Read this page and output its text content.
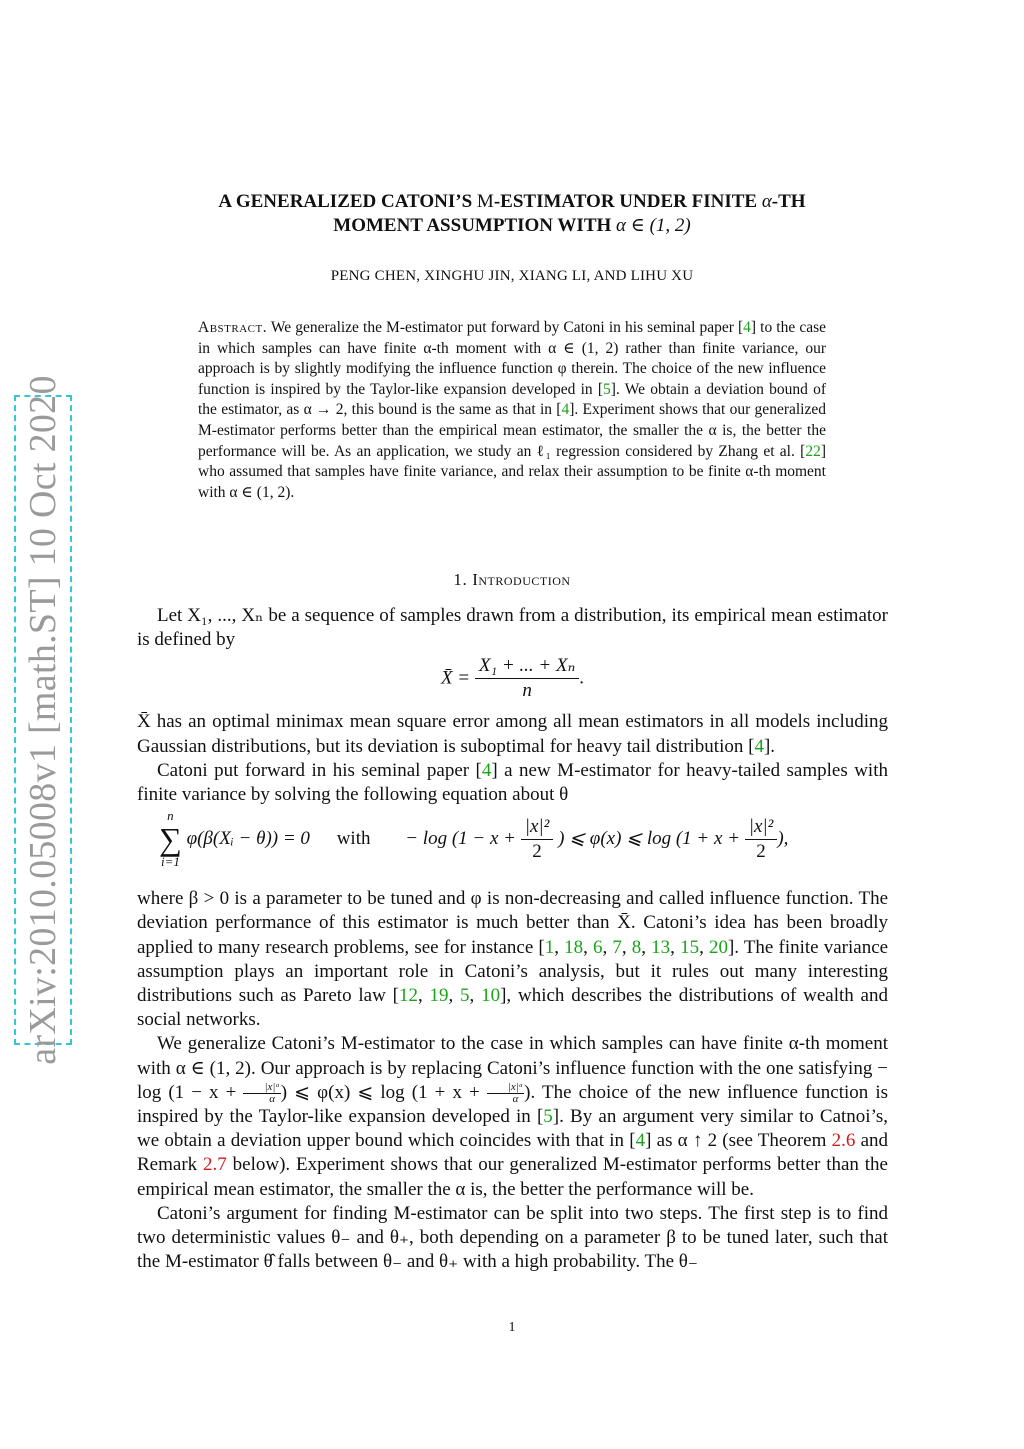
arXiv:2010.05008v1 [math.ST] 10 Oct 2020
A GENERALIZED CATONI’S M-ESTIMATOR UNDER FINITE α-TH
MOMENT ASSUMPTION WITH α ∈ (1, 2)
PENG CHEN, XINGHU JIN, XIANG LI, AND LIHU XU

Abstract. We generalize the M-estimator put forward by Catoni in his seminal paper [4] to the case in which samples can have finite α-th moment with α ∈ (1, 2) rather than finite variance, our approach is by slightly modifying the influence function φ therein. The choice of the new influence function is inspired by the Taylor-like expansion developed in [5]. We obtain a deviation bound of the estimator, as α → 2, this bound is the same as that in [4]. Experiment shows that our generalized M-estimator performs better than the empirical mean estimator, the smaller the α is, the better the performance will be. As an application, we study an ℓ₁ regression considered by Zhang et al. [22] who assumed that samples have finite variance, and relax their assumption to be finite α-th moment with α ∈ (1, 2).

1. Introduction

Let X₁, ..., Xₙ be a sequence of samples drawn from a distribution, its empirical mean estimator is defined by

X̄ = $\frac{\text{X₁ + ... + Xₙ}}{n}$ .

X̄ has an optimal minimax mean square error among all mean estimators in all models including Gaussian distributions, but its deviation is suboptimal for heavy tail distribution [4].

Catoni put forward in his seminal paper [4] a new M-estimator for heavy-tailed samples with finite variance by solving the following equation about θ

n
∑
i=1
φ(β(Xᵢ − θ)) = 0 with − $\log (1 - x + \frac{\text{|x|²}}{2}$ ) ⩽ φ(x) ⩽ $\log (1 + x + \frac{\text{|x|²}}{2}$ ),

where β > 0 is a parameter to be tuned and φ is non-decreasing and called influence function. The deviation performance of this estimator is much better than X̄. Catoni’s idea has been broadly applied to many research problems, see for instance [1, 18, 6, 7, 8, 13, 15, 20]. The finite variance assumption plays an important role in Catoni’s analysis, but it rules out many interesting distributions such as Pareto law [12, 19, 5, 10], which describes the distributions of wealth and social networks.

We generalize Catoni’s M-estimator to the case in which samples can have finite α-th moment with α ∈ (1, 2). Our approach is by replacing Catoni’s influence function with the one satisfying − $\log (1 - x + \frac{\text{|x|ᵅ}}{\alpha}$ ) ⩽ φ(x) ⩽ $\log (1 + x + \frac{\text{|x|ᵅ}}{\alpha}$ ). The choice of the new influence function is inspired by the Taylor-like expansion developed in [5]. By an argument very similar to Catnoi’s, we obtain a deviation upper bound which coincides with that in [4] as α ↑ 2 (see Theorem 2.6 and Remark 2.7 below). Experiment shows that our generalized M-estimator performs better than the empirical mean estimator, the smaller the α is, the better the performance will be.

Catoni’s argument for finding M-estimator can be split into two steps. The first step is to find two deterministic values θ₋ and θ₊, both depending on a parameter β to be tuned later, such that the M-estimator θ̂ falls between θ₋ and θ₊ with a high probability. The θ₋

1
